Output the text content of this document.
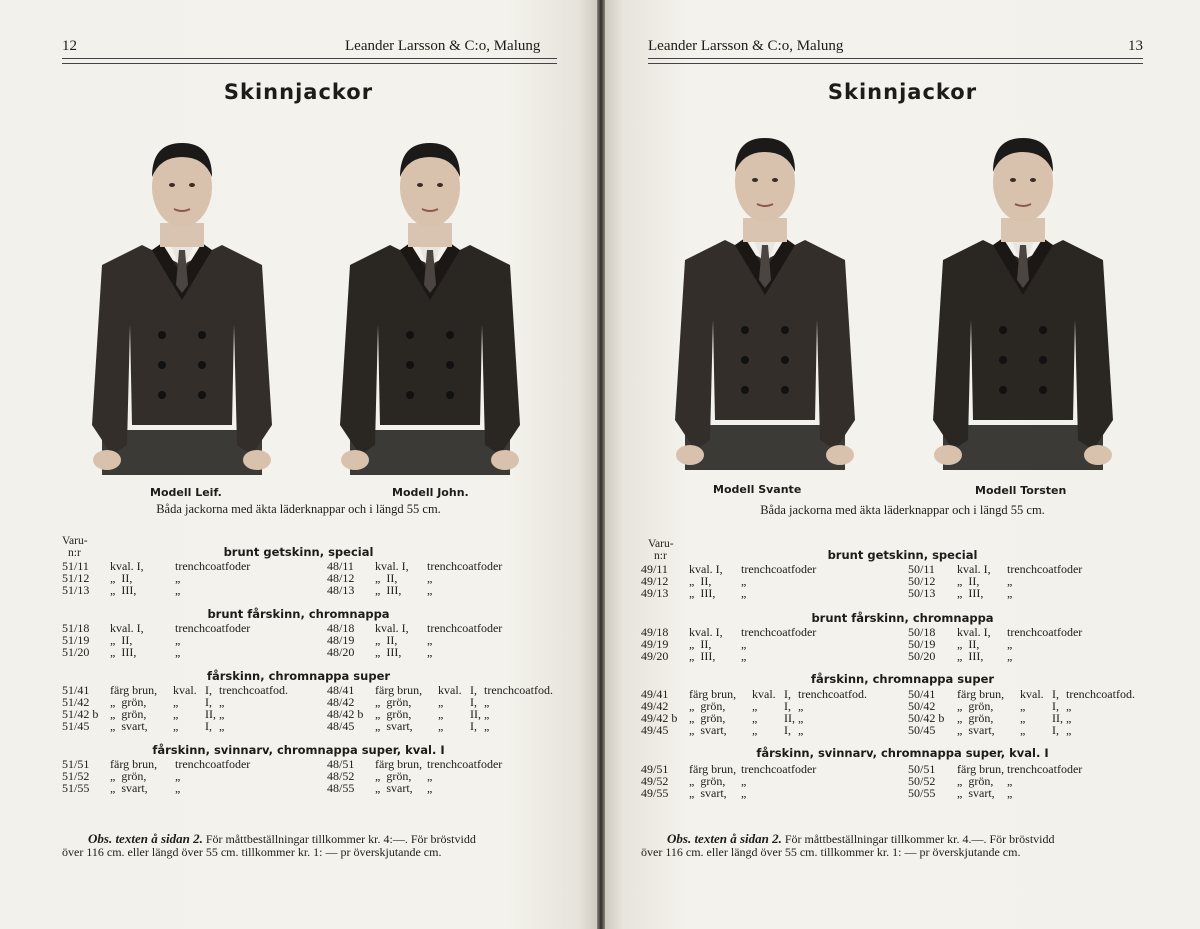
12	Leander Larsson & C:o, Malung
Skinnjackor
Modell Leif.	Modell John.
Båda jackorna med äkta läderknappar och i längd 55 cm.
Varu-
n:r	brunt getskinn, special
51/11 kval. I,	trenchcoatfoder	48/11 kval. I, trenchcoatfoder
51/12 „  II,	„	48/12 „  II, „
51/13 „  III,	„	48/13 „  III, „
brunt fårskinn, chromnappa
51/18 kval. I,	trenchcoatfoder	48/18 kval. I, trenchcoatfoder
51/19 „  II,	„	48/19 „  II, „
51/20 „  III,	„	48/20 „  III, „
fårskinn, chromnappa super
51/41 färg brun, kval. I, trenchcoatfod.	48/41 färg brun, kval. I, trenchcoatfod.
51/42 „  grön, „ I, „	48/42 „  grön, „ I, „
51/42 b „  grön, „ II, „	48/42 b „  grön, „ II, „
51/45 „  svart, „ I, „	48/45 „  svart, „ I, „
fårskinn, svinnarv, chromnappa super, kval. I
51/51 färg brun, trenchcoatfoder	48/51 färg brun, trenchcoatfoder
51/52 „  grön, „	48/52 „  grön, „
51/55 „  svart, „	48/55 „  svart, „
Obs. texten å sidan 2. För måttbeställningar tillkommer kr. 4:—. För bröstvidd
över 116 cm. eller längd över 55 cm. tillkommer kr. 1: — pr överskjutande cm.
13
Leander Larsson & C:o, Malung
Skinnjackor
Modell Svante	Modell Torsten
Båda jackorna med äkta läderknappar och i längd 55 cm.
Varu-
n:r	brunt getskinn, special
49/11 kval. I, trenchcoatfoder	50/11 kval. I, trenchcoatfoder
49/12 „  II, „	50/12 „  II, „
49/13 „  III, „	50/13 „  III, „
brunt fårskinn, chromnappa
49/18 kval. I, trenchcoatfoder	50/18 kval. I, trenchcoatfoder
49/19 „  II, „	50/19 „  II, „
49/20 „  III, „	50/20 „  III, „
fårskinn, chromnappa super
49/41 färg brun, kval. I, trenchcoatfod.	50/41 färg brun, kval. I, trenchcoatfod.
49/42 „  grön, „ I, „	50/42 „  grön, „ I, „
49/42 b „  grön, „ II, „	50/42 b „  grön, „ II, „
49/45 „  svart, „ I, „	50/45 „  svart, „ I, „
fårskinn, svinnarv, chromnappa super, kval. I
49/51 färg brun, trenchcoatfoder	50/51 färg brun, trenchcoatfoder
49/52 „  grön, „	50/52 „  grön, „
49/55 „  svart, „	50/55 „  svart, „
Obs. texten å sidan 2. För måttbeställningar tillkommer kr. 4.—. För bröstvidd
över 116 cm. eller längd över 55 cm. tillkommer kr. 1: — pr överskjutande cm.
